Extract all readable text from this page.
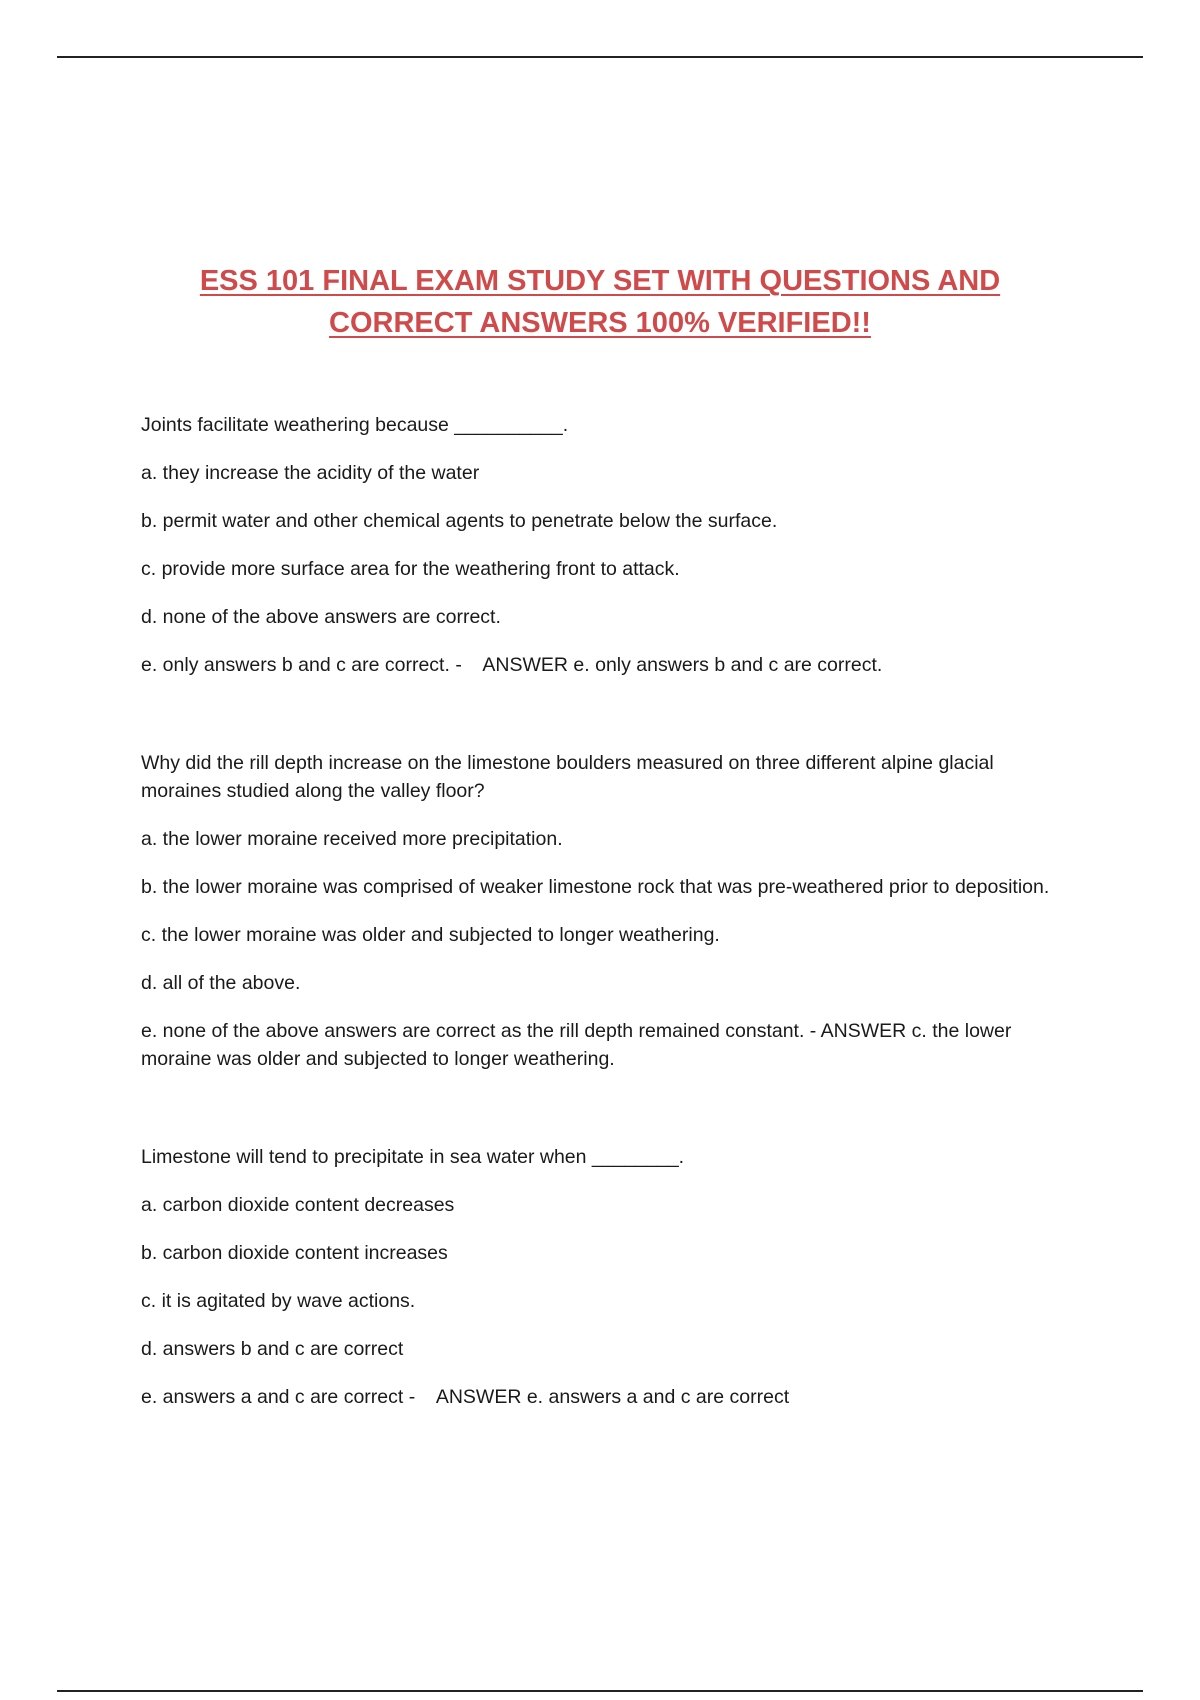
ESS 101 FINAL EXAM STUDY SET WITH QUESTIONS AND
CORRECT ANSWERS 100% VERIFIED!!

Joints facilitate weathering because __________.

a. they increase the acidity of the water

b. permit water and other chemical agents to penetrate below the surface.

c. provide more surface area for the weathering front to attack.

d. none of the above answers are correct.

e. only answers b and c are correct. - ANSWER e. only answers b and c are correct.

Why did the rill depth increase on the limestone boulders measured on three different alpine glacial moraines studied along the valley floor?

a. the lower moraine received more precipitation.

b. the lower moraine was comprised of weaker limestone rock that was pre-weathered prior to deposition.

c. the lower moraine was older and subjected to longer weathering.

d. all of the above.

e. none of the above answers are correct as the rill depth remained constant. - ANSWER c. the lower moraine was older and subjected to longer weathering.

Limestone will tend to precipitate in sea water when ________.

a. carbon dioxide content decreases

b. carbon dioxide content increases

c. it is agitated by wave actions.

d. answers b and c are correct

e. answers a and c are correct - ANSWER e. answers a and c are correct
